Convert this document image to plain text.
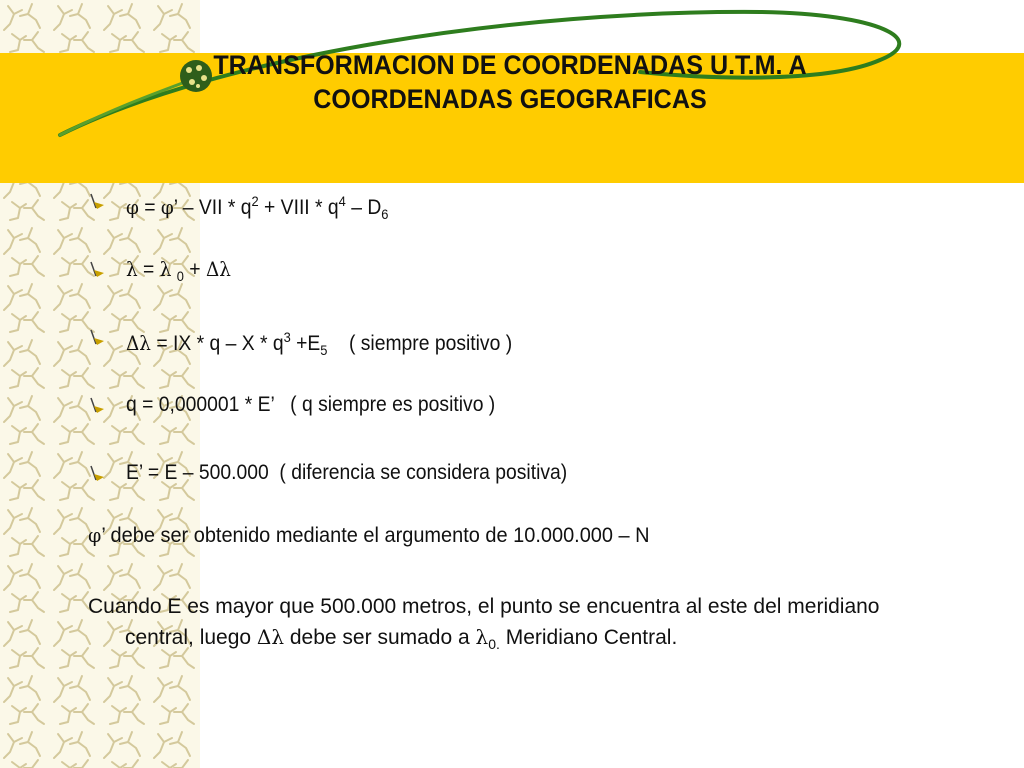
TRANSFORMACION DE COORDENADAS U.T.M. A
COORDENADAS GEOGRAFICAS
φ = φ’ – VII * $q^2$ + VIII * $q^4 - D_6$
λ = λ $_0$ + Δλ
Δλ = IX * $q - X * q^3 +E_5$    ( siempre positivo )
q = 0,000001 * E’   ( q siempre es positivo )
E’ = E – 500.000  ( diferencia se considera positiva)

φ’ debe ser obtenido mediante el argumento de 10.000.000 – N

Cuando E es mayor que 500.000 metros, el punto se encuentra al este del meridiano central, luego Δλ debe ser sumado a $\lambda_{0.}$ Meridiano Central.
